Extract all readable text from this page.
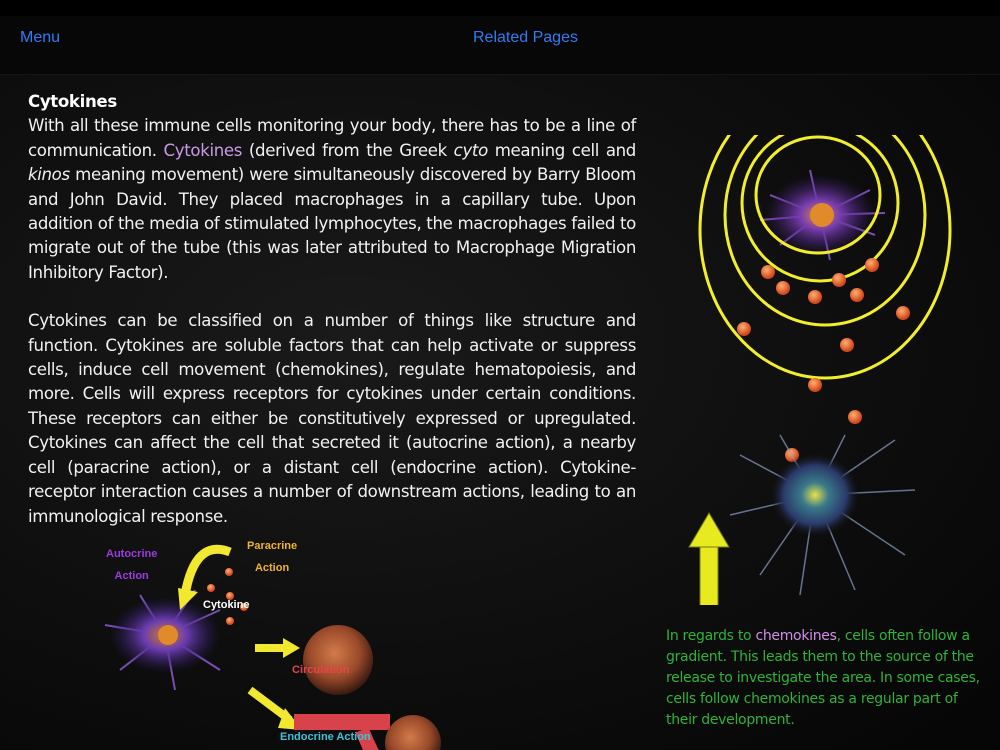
Menu	Related Pages
Cytokines

With all these immune cells monitoring your body, there has to be a line of communication. Cytokines (derived from the Greek cyto meaning cell and kinos meaning movement) were simultaneously discovered by Barry Bloom and John David. They placed macrophages in a capillary tube. Upon addition of the media of stimulated lymphocytes, the macrophages failed to migrate out of the tube (this was later attributed to Macrophage Migration Inhibitory Factor).

Cytokines can be classified on a number of things like structure and function. Cytokines are soluble factors that can help activate or suppress cells, induce cell movement (chemokines), regulate hematopoiesis, and more. Cells will express receptors for cytokines under certain conditions. These receptors can either be constitutively expressed or upregulated. Cytokines can affect the cell that secreted it (autocrine action), a nearby cell (paracrine action), or a distant cell (endocrine action). Cytokine-receptor interaction causes a number of downstream actions, leading to an immunological response.

Autocrine
Action
Paracrine
Action
Cytokine
Circulation
Endocrine Action
In regards to chemokines, cells often follow a gradient. This leads them to the source of the release to investigate the area. In some cases, cells follow chemokines as a regular part of their development.
